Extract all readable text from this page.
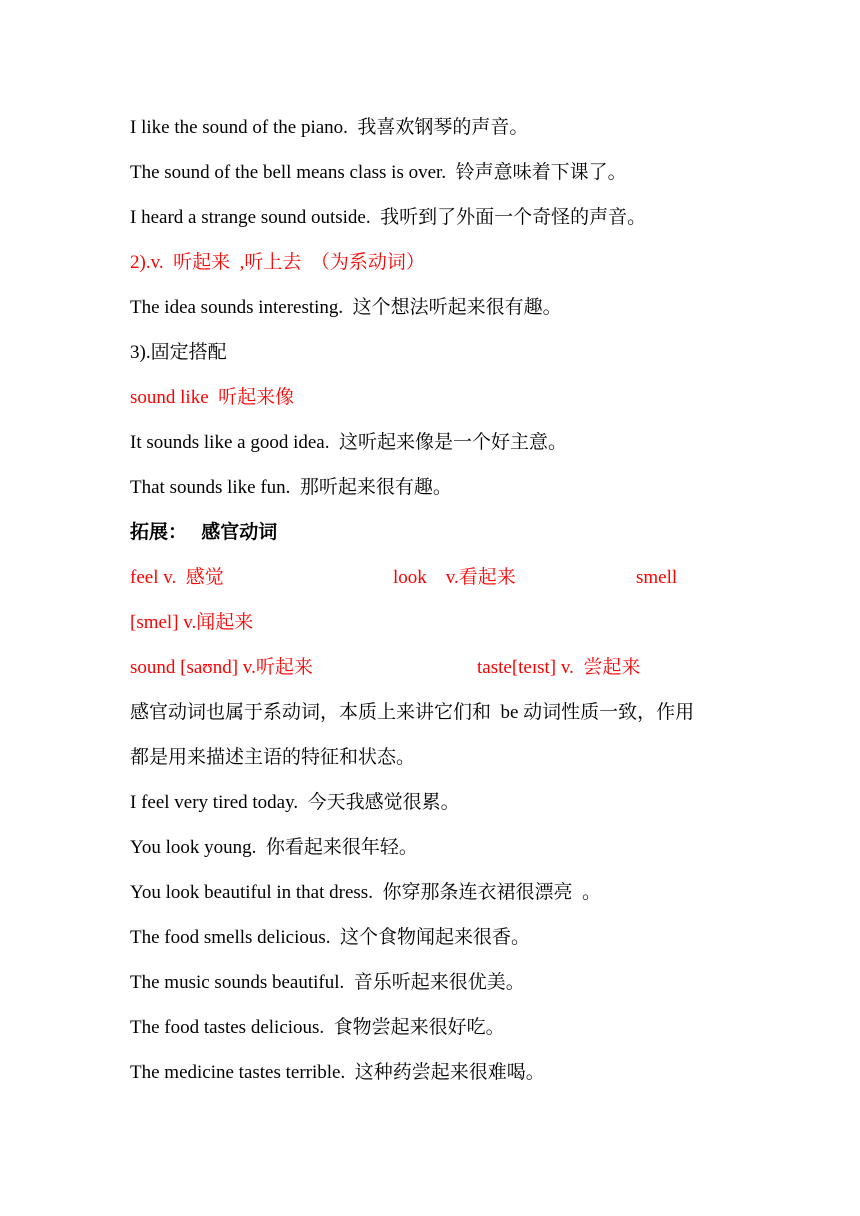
I like the sound of the piano.  我喜欢钢琴的声音。
The sound of the bell means class is over.  铃声意味着下课了。
I heard a strange sound outside.  我听到了外面一个奇怪的声音。
2).v.  听起来  ,听上去  （为系动词）
The idea sounds interesting.  这个想法听起来很有趣。
3).固定搭配
sound like  听起来像
It sounds like a good idea.  这听起来像是一个好主意。
That sounds like fun.  那听起来很有趣。
拓展：   感官动词
feel v.  感觉	look    v.看起来	smell
[smel] v.闻起来
sound [saʊnd] v.听起来	taste[teɪst] v.  尝起来
感官动词也属于系动词，本质上来讲它们和  be 动词性质一致，作用
都是用来描述主语的特征和状态。
I feel very tired today.  今天我感觉很累。
You look young.  你看起来很年轻。
You look beautiful in that dress.  你穿那条连衣裙很漂亮  。
The food smells delicious.  这个食物闻起来很香。
The music sounds beautiful.  音乐听起来很优美。
The food tastes delicious.  食物尝起来很好吃。
The medicine tastes terrible.  这种药尝起来很难喝。
